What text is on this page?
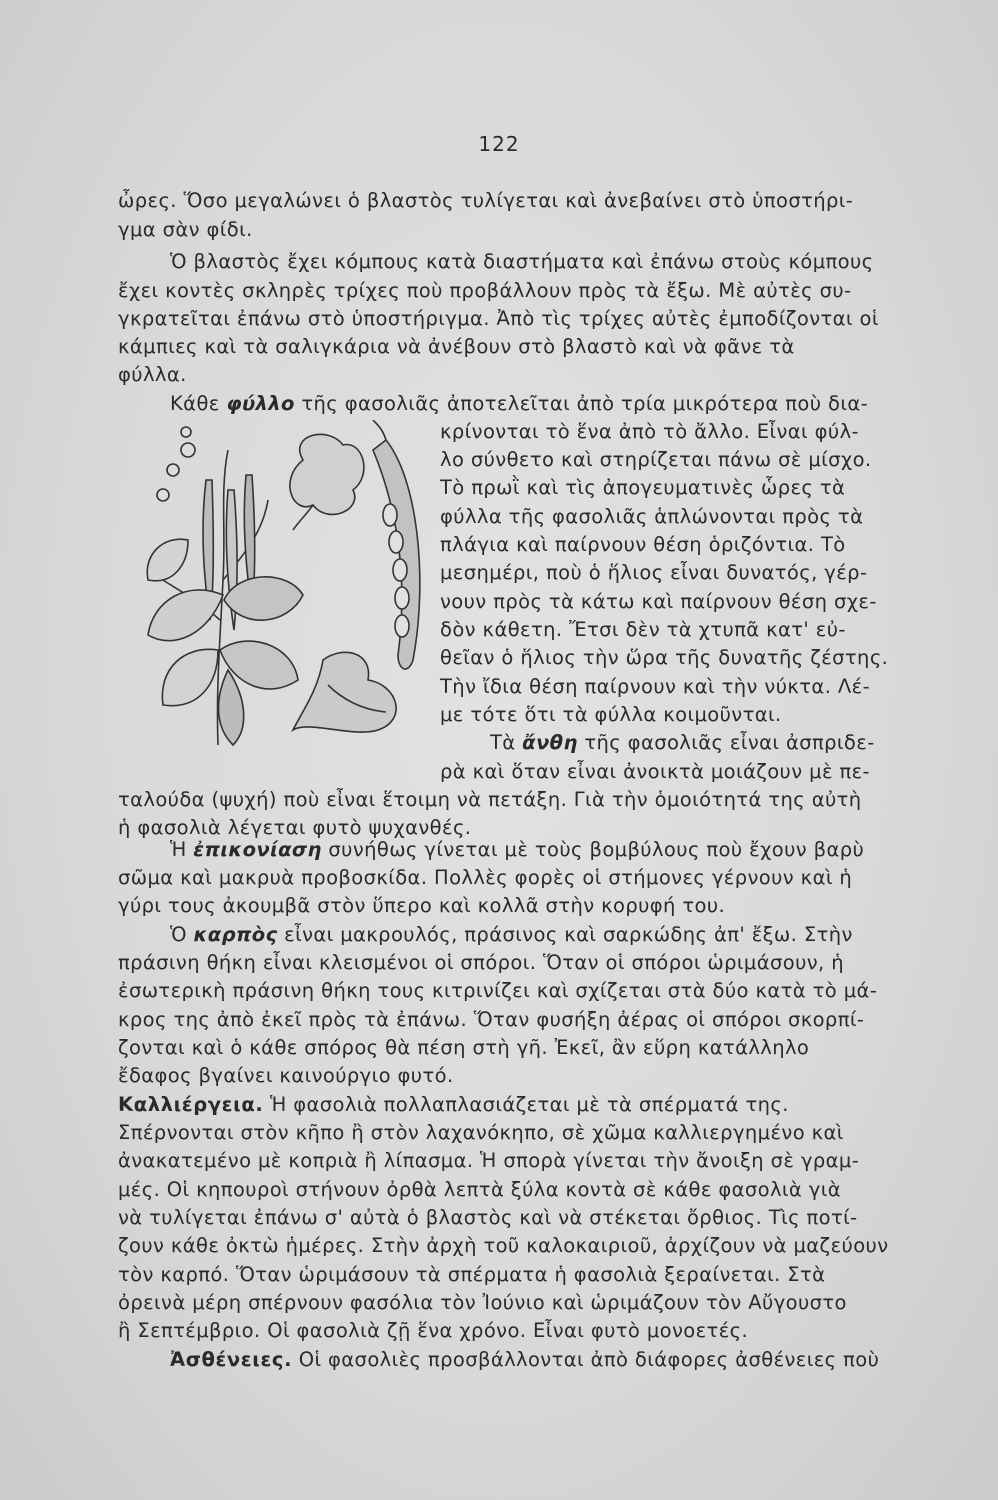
122
ὦρες. Ὅσο μεγαλώνει ὁ βλαστὸς τυλίγεται καὶ ἀνεβαίνει στὸ ὑποστήρι-
γμα σὰν φίδι.
Ὁ βλαστὸς ἔχει κόμπους κατὰ διαστήματα καὶ ἐπάνω στοὺς κόμπους
ἔχει κοντὲς σκληρὲς τρίχες ποὺ προβάλλουν πρὸς τὰ ἔξω. Μὲ αὐτὲς συ-
γκρατεῖται ἐπάνω στὸ ὑποστήριγμα. Ἀπὸ τὶς τρίχες αὐτὲς ἐμποδίζονται οἱ
κάμπιες καὶ τὰ σαλιγκάρια νὰ ἀνέβουν στὸ βλαστὸ καὶ νὰ φᾶνε τὰ
φύλλα.
Κάθε φύλλο τῆς φασολιᾶς ἀποτελεῖται ἀπὸ τρία μικρότερα ποὺ δια-
κρίνονται τὸ ἕνα ἀπὸ τὸ ἄλλο. Εἶναι φύλ-
λο σύνθετο καὶ στηρίζεται πάνω σὲ μίσχο.
Τὸ πρωῒ καὶ τὶς ἀπογευματινὲς ὧρες τὰ
φύλλα τῆς φασολιᾶς ἁπλώνονται πρὸς τὰ
πλάγια καὶ παίρνουν θέση ὁριζόντια. Τὸ
μεσημέρι, ποὺ ὁ ἥλιος εἶναι δυνατός, γέρ-
νουν πρὸς τὰ κάτω καὶ παίρνουν θέση σχε-
δὸν κάθετη. Ἔτσι δὲν τὰ χτυπᾶ κατ' εὐ-
θεῖαν ὁ ἥλιος τὴν ὥρα τῆς δυνατῆς ζέστης.
Τὴν ἴδια θέση παίρνουν καὶ τὴν νύκτα. Λέ-
με τότε ὅτι τὰ φύλλα κοιμοῦνται.
Τὰ ἄνθη τῆς φασολιᾶς εἶναι ἀσπριδε-
ρὰ καὶ ὅταν εἶναι ἀνοικτὰ μοιάζουν μὲ πε-
ταλούδα (ψυχή) ποὺ εἶναι ἕτοιμη νὰ πετάξη. Γιὰ τὴν ὁμοιότητά της αὐτὴ
ἡ φασολιὰ λέγεται φυτὸ ψυχανθές.
Ἡ ἐπικονίαση συνήθως γίνεται μὲ τοὺς βομβύλους ποὺ ἔχουν βαρὺ
σῶμα καὶ μακρυὰ προβοσκίδα. Πολλὲς φορὲς οἱ στήμονες γέρνουν καὶ ἡ
γύρι τους ἀκουμβᾶ στὸν ὕπερο καὶ κολλᾶ στὴν κορυφή του.
Ὁ καρπὸς εἶναι μακρουλός, πράσινος καὶ σαρκώδης ἀπ' ἔξω. Στὴν
πράσινη θήκη εἶναι κλεισμένοι οἱ σπόροι. Ὅταν οἱ σπόροι ὡριμάσουν, ἡ
ἐσωτερικὴ πράσινη θήκη τους κιτρινίζει καὶ σχίζεται στὰ δύο κατὰ τὸ μά-
κρος της ἀπὸ ἐκεῖ πρὸς τὰ ἐπάνω. Ὅταν φυσήξη ἀέρας οἱ σπόροι σκορπί-
ζονται καὶ ὁ κάθε σπόρος θὰ πέση στὴ γῆ. Ἐκεῖ, ἂν εὕρη κατάλληλο
ἔδαφος βγαίνει καινούργιο φυτό.
Καλλιέργεια. Ἡ φασολιὰ πολλαπλασιάζεται μὲ τὰ σπέρματά της.
Σπέρνονται στὸν κῆπο ἢ στὸν λαχανόκηπο, σὲ χῶμα καλλιεργημένο καὶ
ἀνακατεμένο μὲ κοπριὰ ἢ λίπασμα. Ἡ σπορὰ γίνεται τὴν ἄνοιξη σὲ γραμ-
μές. Οἱ κηπουροὶ στήνουν ὀρθὰ λεπτὰ ξύλα κοντὰ σὲ κάθε φασολιὰ γιὰ
νὰ τυλίγεται ἐπάνω σ' αὐτὰ ὁ βλαστὸς καὶ νὰ στέκεται ὄρθιος. Τὶς ποτί-
ζουν κάθε ὀκτὼ ἡμέρες. Στὴν ἀρχὴ τοῦ καλοκαιριοῦ, ἀρχίζουν νὰ μαζεύουν
τὸν καρπό. Ὅταν ὡριμάσουν τὰ σπέρματα ἡ φασολιὰ ξεραίνεται. Στὰ
ὀρεινὰ μέρη σπέρνουν φασόλια τὸν Ἰούνιο καὶ ὡριμάζουν τὸν Αὔγουστο
ἢ Σεπτέμβριο. Οἱ φασολιὰ ζῇ ἕνα χρόνο. Εἶναι φυτὸ μονοετές.
Ἀσθένειες. Οἱ φασολιὲς προσβάλλονται ἀπὸ διάφορες ἀσθένειες ποὺ
